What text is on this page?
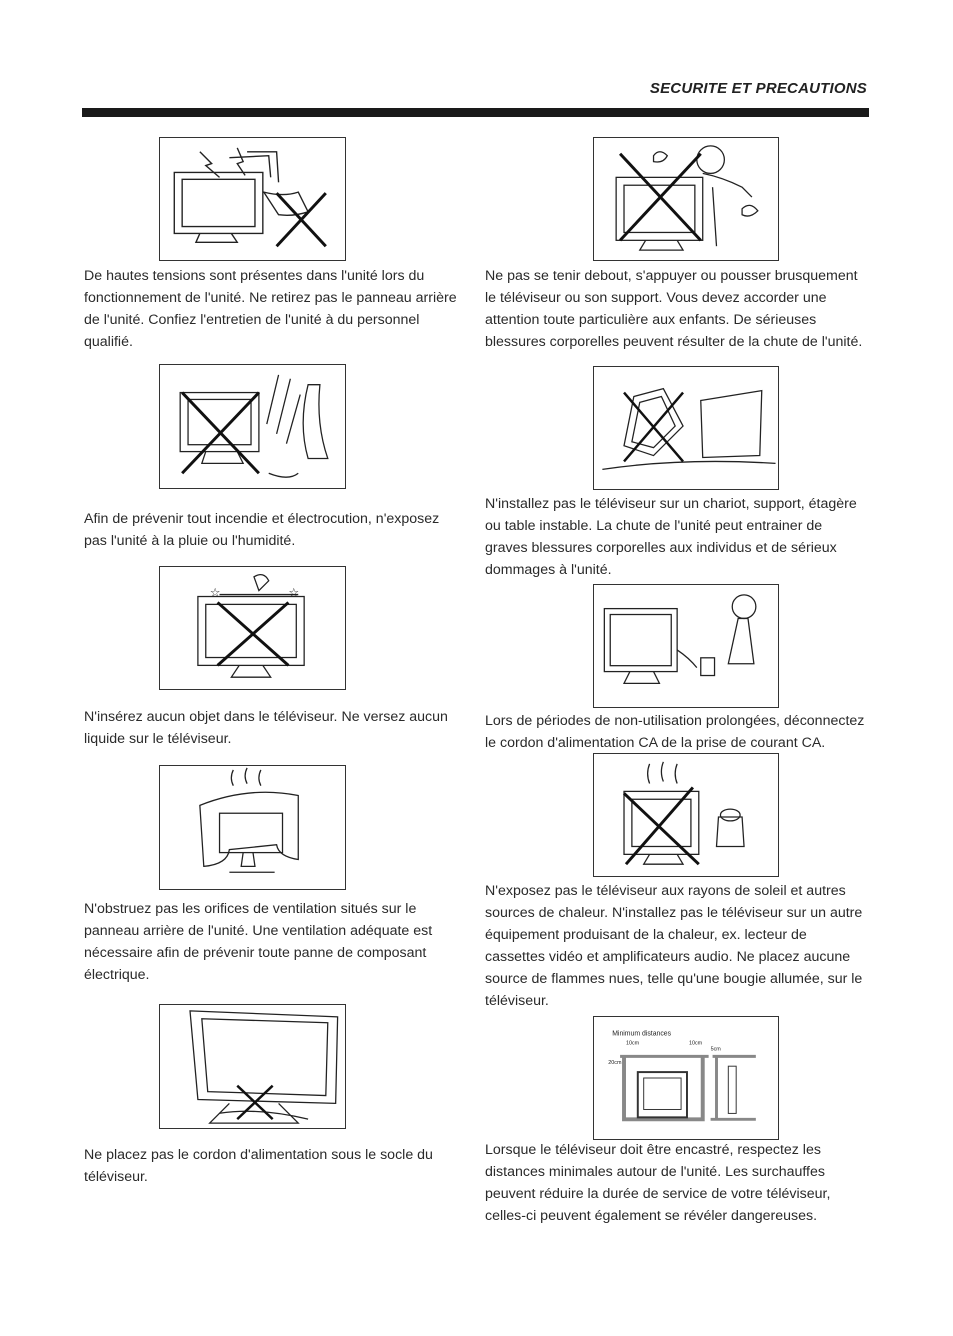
SECURITE ET PRECAUTIONS
De hautes tensions sont présentes dans l'unité lors du fonctionnement de l'unité. Ne retirez pas le panneau arrière de l'unité. Confiez l'entretien de l'unité à du personnel qualifié.
Afin de prévenir tout incendie et électrocution, n'exposez pas l'unité à la pluie ou l'humidité.
☆	☆
N'insérez aucun objet dans le téléviseur. Ne versez aucun liquide sur le téléviseur.
N'obstruez pas les orifices de ventilation situés sur le panneau arrière de l'unité. Une ventilation adéquate est nécessaire afin de prévenir toute panne de composant électrique.
Ne placez pas le cordon d'alimentation sous le socle du téléviseur.
Ne pas se tenir debout, s'appuyer ou pousser brusquement le téléviseur ou son support. Vous devez accorder une attention toute particulière aux enfants. De sérieuses blessures corporelles peuvent résulter de la chute de l'unité.
N'installez pas le téléviseur sur un chariot, support, étagère ou table instable. La chute de l'unité peut entrainer de graves blessures corporelles aux individus et de sérieux dommages à l'unité.
Lors de périodes de non-utilisation prolongées, déconnectez le cordon d'alimentation CA de la prise de courant CA.
N'exposez pas le téléviseur aux rayons de soleil et autres sources de chaleur. N'installez pas le téléviseur sur un autre équipement produisant de la chaleur, ex. lecteur de cassettes vidéo et amplificateurs audio. Ne placez aucune source de flammes nues, telle qu'une bougie allumée, sur le téléviseur.
Minimum distances
10cm	10cm
5cm
20cm
Lorsque le téléviseur doit être encastré, respectez les distances minimales autour de l'unité. Les surchauffes peuvent réduire la durée de service de votre téléviseur, celles-ci peuvent également se révéler dangereuses.
